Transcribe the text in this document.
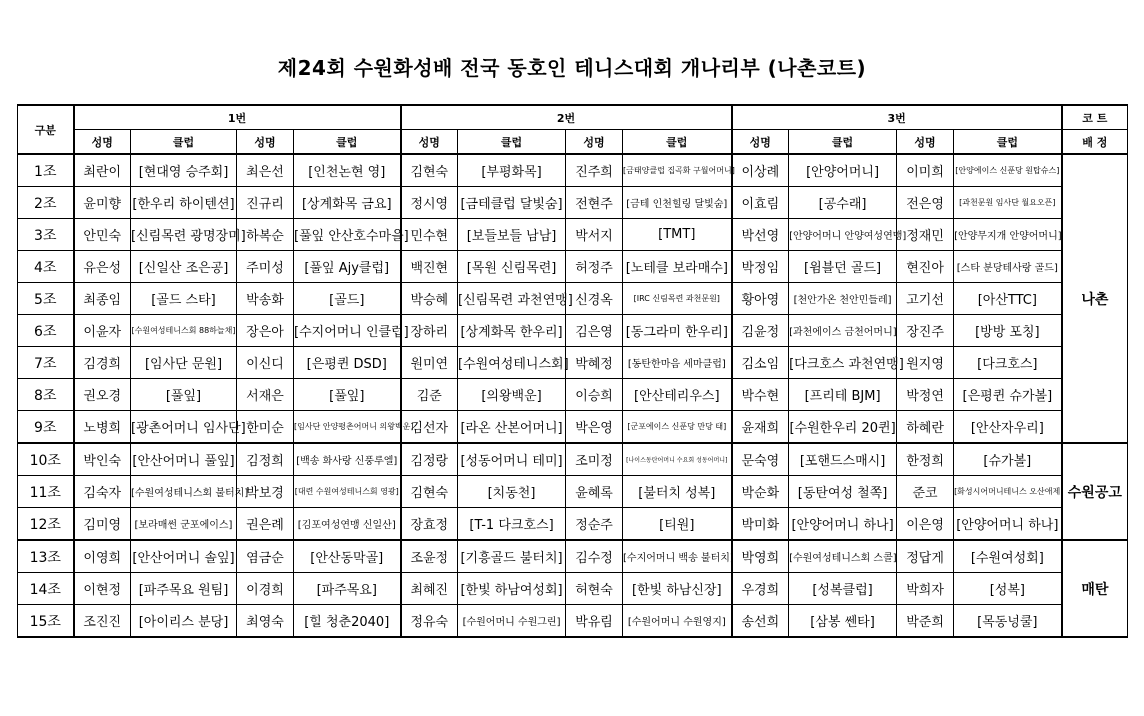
제24회 수원화성배 전국 동호인 테니스대회 개나리부 (나촌코트)
구분	1번				2번				3번				코 트
	성명	클럽	성명	클럽	성명	클럽	성명	클럽	성명	클럽	성명	클럽	배 정
1조	최란이	[현대영 승주회]	최은선	[인천논현 영]	김현숙	[부평화목]	진주희	[금태양클럽 집곡화 구월어머니]	이상례	[안양어머니]	이미희	[안양에이스 신푼당 원탑슈스]	나촌
2조	윤미향	[한우리 하이텐션]	진규리	[상계화목 금요]	정시영	[금테클럽 달빛숨]	전현주	[금테 인천힐링 달빛숨]	이효림	[공수래]	전은영	[과천문원 임사단 월요오픈]	
3조	안민숙	[신림목련 광명장미]	하복순	[풀잎 안산호수마을]	민수현	[보들보들 남남]	박서지	[TMT]	박선영	[안양어머니 안양여성연맹]	정재민	[안양무지개 안양어머니]	
4조	유은성	[신일산 조은공]	주미성	[풀잎 Ajy클럽]	백진현	[목원 신림목련]	허정주	[노테클 보라매수]	박정임	[윔블던 골드]	현진아	[스타 분당테사랑 골드]	
5조	최종임	[골드 스타]	박송화	[골드]	박승혜	[신림목련 과천연맹]	신경옥	[IRC 신림목련 과천문원]	황아영	[천안가온 천안민들레]	고기선	[아산TTC]	
6조	이윤자	[수원여성테니스회 88하늘채]	장은아	[수지어머니 인클럽]	장하리	[상계화목 한우리]	김은영	[동그라미 한우리]	김윤정	[과천에이스 금천어머니]	장진주	[방방 포칭]	
7조	김경희	[임사단 문원]	이신디	[은평퀸 DSD]	원미연	[수원여성테니스회]	박혜정	[동탄한마음 세마클럽]	김소임	[다크호스 과천연맹]	원지영	[다크호스]	
8조	권오경	[풀잎]	서재은	[풀잎]	김준	[의왕백운]	이승희	[안산테리우스]	박수현	[프리테 BJM]	박정연	[은평퀸 슈가볼]	
9조	노병희	[광촌어머니 임사단]	한미순	[임사단 안양평촌어머니 의왕백운]	김선자	[라온 산본어머니]	박은영	[군포에이스 신푼당 만당 태]	윤재희	[수원한우리 20퀸]	하혜란	[안산자우리]	
10조	박인숙	[안산어머니 풀잎]	김정희	[백송 화사랑 신풍루엘]	김정랑	[성동어머니 테미]	조미정	[나이스동탄어머니 수요회 성동어머니]	문숙영	[포핸드스매시]	한정희	[슈가볼]	수원공고
11조	김숙자	[수원여성테니스회 불터치]	박보경	[대련 수원여성테니스회 영광]	김현숙	[치동천]	윤혜록	[불터치 성복]	박순화	[동탄여성 철쪽]	준코	[화성시어머니테니스 오산애제]	
12조	김미영	[보라매썬 군포에이스]	권은례	[김포여성연맹 신일산]	장효정	[T-1 다크호스]	정순주	[티원]	박미화	[안양어머니 하나]	이은영	[안양어머니 하나]	
13조	이영희	[안산어머니 솔잎]	염금순	[안산동막골]	조윤정	[기흥골드 불터치]	김수정	[수지어머니 백송 불터치]	박영희	[수원여성테니스회 스콜]	정답게	[수원여성회]	매탄
14조	이현정	[파주목요 원팀]	이경희	[파주목요]	최혜진	[한빛 하남여성회]	허현숙	[한빛 하남신장]	우경희	[성복클럽]	박희자	[성복]	
15조	조진진	[아이리스 분당]	최영숙	[힐 청춘2040]	정유숙	[수원어머니 수원그린]	박유림	[수원어머니 수원영지]	송선희	[삼봉 쎈타]	박준희	[목동넝쿨]	
